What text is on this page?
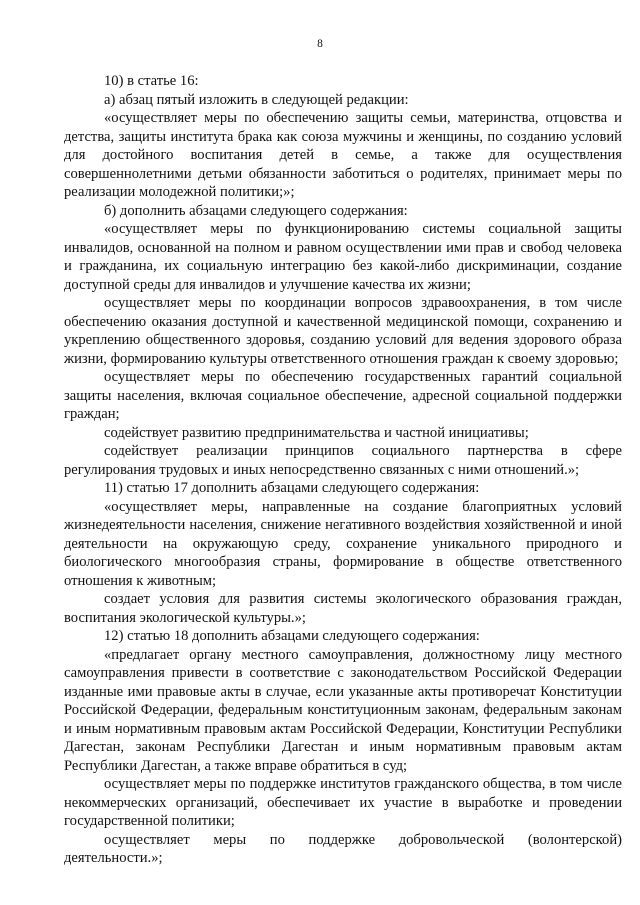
8

10) в статье 16:

а) абзац пятый изложить в следующей редакции:

«осуществляет меры по обеспечению защиты семьи, материнства, отцовства и детства, защиты института брака как союза мужчины и женщины, по созданию условий для достойного воспитания детей в семье, а также для осуществления совершеннолетними детьми обязанности заботиться о родителях, принимает меры по реализации молодежной политики;»;

б) дополнить абзацами следующего содержания:

«осуществляет меры по функционированию системы социальной защиты инвалидов, основанной на полном и равном осуществлении ими прав и свобод человека и гражданина, их социальную интеграцию без какой-либо дискриминации, создание доступной среды для инвалидов и улучшение качества их жизни;

осуществляет меры по координации вопросов здравоохранения, в том числе обеспечению оказания доступной и качественной медицинской помощи, сохранению и укреплению общественного здоровья, созданию условий для ведения здорового образа жизни, формированию культуры ответственного отношения граждан к своему здоровью;

осуществляет меры по обеспечению государственных гарантий социальной защиты населения, включая социальное обеспечение, адресной социальной поддержки граждан;

содействует развитию предпринимательства и частной инициативы;

содействует реализации принципов социального партнерства в сфере регулирования трудовых и иных непосредственно связанных с ними отношений.»;

11) статью 17 дополнить абзацами следующего содержания:

«осуществляет меры, направленные на создание благоприятных условий жизнедеятельности населения, снижение негативного воздействия хозяйственной и иной деятельности на окружающую среду, сохранение уникального природного и биологического многообразия страны, формирование в обществе ответственного отношения к животным;

создает условия для развития системы экологического образования граждан, воспитания экологической культуры.»;

12) статью 18 дополнить абзацами следующего содержания:

«предлагает органу местного самоуправления, должностному лицу местного самоуправления привести в соответствие с законодательством Российской Федерации изданные ими правовые акты в случае, если указанные акты противоречат Конституции Российской Федерации, федеральным конституционным законам, федеральным законам и иным нормативным правовым актам Российской Федерации, Конституции Республики Дагестан, законам Республики Дагестан и иным нормативным правовым актам Республики Дагестан, а также вправе обратиться в суд;

осуществляет меры по поддержке институтов гражданского общества, в том числе некоммерческих организаций, обеспечивает их участие в выработке и проведении государственной политики;

осуществляет меры по поддержке добровольческой (волонтерской) деятельности.»;
